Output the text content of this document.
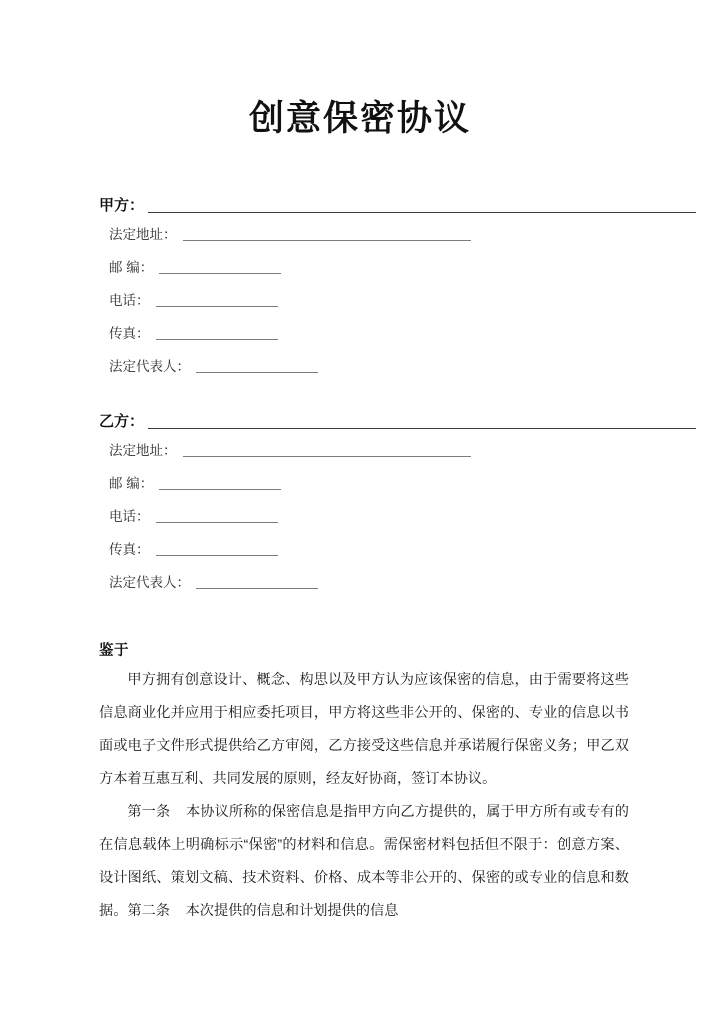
创意保密协议
甲方：
法定地址：
邮 编：
电话：
传真：
法定代表人：
乙方：
法定地址：
邮 编：
电话：
传真：
法定代表人：
鉴于
甲方拥有创意设计、概念、构思以及甲方认为应该保密的信息，由于需要将这些信息商业化并应用于相应委托项目，甲方将这些非公开的、保密的、专业的信息以书面或电子文件形式提供给乙方审阅，乙方接受这些信息并承诺履行保密义务；甲乙双方本着互惠互利、共同发展的原则，经友好协商，签订本协议。
第一条 本协议所称的保密信息是指甲方向乙方提供的，属于甲方所有或专有的在信息载体上明确标示“保密”的材料和信息。需保密材料包括但不限于：创意方案、设计图纸、策划文稿、技术资料、价格、成本等非公开的、保密的或专业的信息和数据。 第二条 本次提供的信息和计划提供的信息
